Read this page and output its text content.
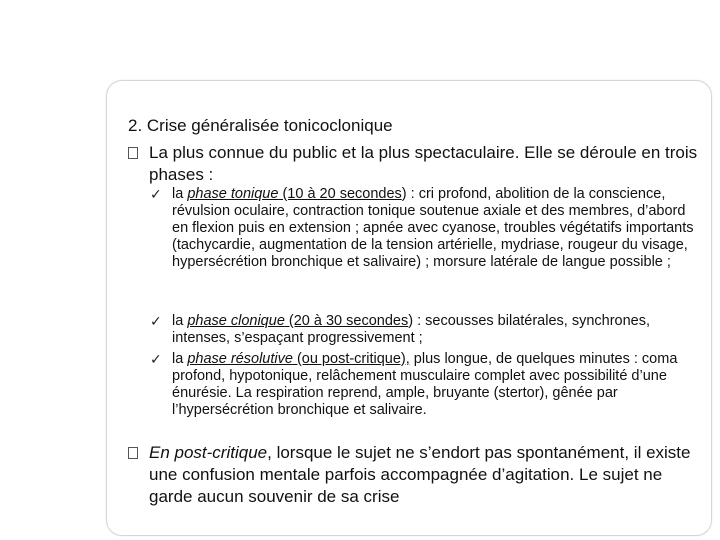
2. Crise généralisée tonicoclonique
La plus connue du public et la plus spectaculaire. Elle se déroule en trois phases :
✓ la phase tonique (10 à 20 secondes) : cri profond, abolition de la conscience, révulsion oculaire, contraction tonique soutenue axiale et des membres, d’abord en flexion puis en extension ; apnée avec cyanose, troubles végétatifs importants (tachycardie, augmentation de la tension artérielle, mydriase, rougeur du visage, hypersécrétion bronchique et salivaire) ; morsure latérale de langue possible ;
✓ la phase clonique (20 à 30 secondes) : secousses bilatérales, synchrones, intenses, s’espaçant progressivement ;
✓ la phase résolutive (ou post-critique), plus longue, de quelques minutes : coma profond, hypotonique, relâchement musculaire complet avec possibilité d’une énurésie. La respiration reprend, ample, bruyante (stertor), gênée par l’hypersécrétion bronchique et salivaire.
En post-critique, lorsque le sujet ne s’endort pas spontanément, il existe une confusion mentale parfois accompagnée d’agitation. Le sujet ne garde aucun souvenir de sa crise
